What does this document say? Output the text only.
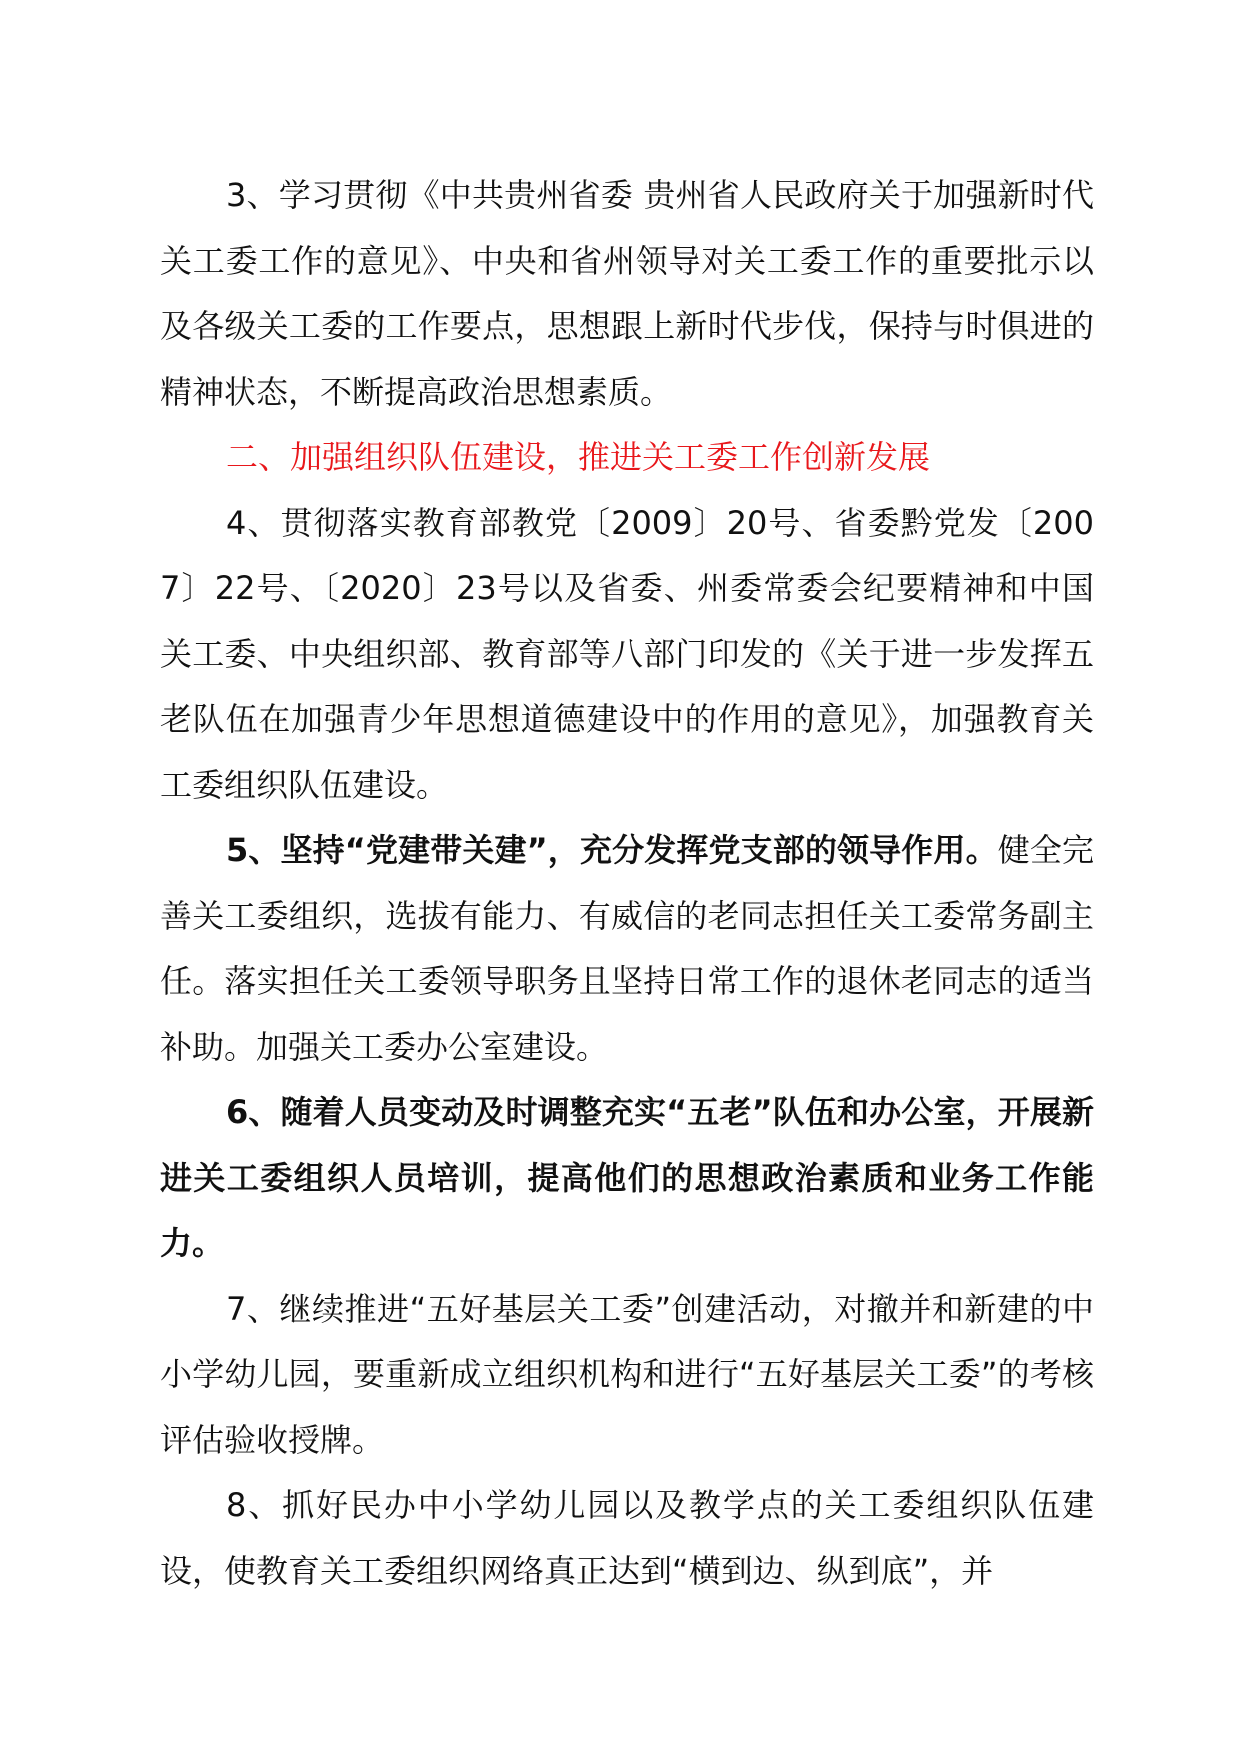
3、学习贯彻《中共贵州省委 贵州省人民政府关于加强新时代关工委工作的意见》、中央和省州领导对关工委工作的重要批示以及各级关工委的工作要点，思想跟上新时代步伐，保持与时俱进的精神状态，不断提高政治思想素质。

二、加强组织队伍建设，推进关工委工作创新发展

4、贯彻落实教育部教党〔2009〕20号、省委黔党发〔2007〕22号、〔2020〕23号以及省委、州委常委会纪要精神和中国关工委、中央组织部、教育部等八部门印发的《关于进一步发挥五老队伍在加强青少年思想道德建设中的作用的意见》，加强教育关工委组织队伍建设。

5、坚持“党建带关建”，充分发挥党支部的领导作用。健全完善关工委组织，选拔有能力、有威信的老同志担任关工委常务副主任。落实担任关工委领导职务且坚持日常工作的退休老同志的适当补助。加强关工委办公室建设。

6、随着人员变动及时调整充实“五老”队伍和办公室，开展新进关工委组织人员培训，提高他们的思想政治素质和业务工作能力。

7、继续推进“五好基层关工委”创建活动，对撤并和新建的中小学幼儿园，要重新成立组织机构和进行“五好基层关工委”的考核评估验收授牌。

8、抓好民办中小学幼儿园以及教学点的关工委组织队伍建设，使教育关工委组织网络真正达到“横到边、纵到底”，并
